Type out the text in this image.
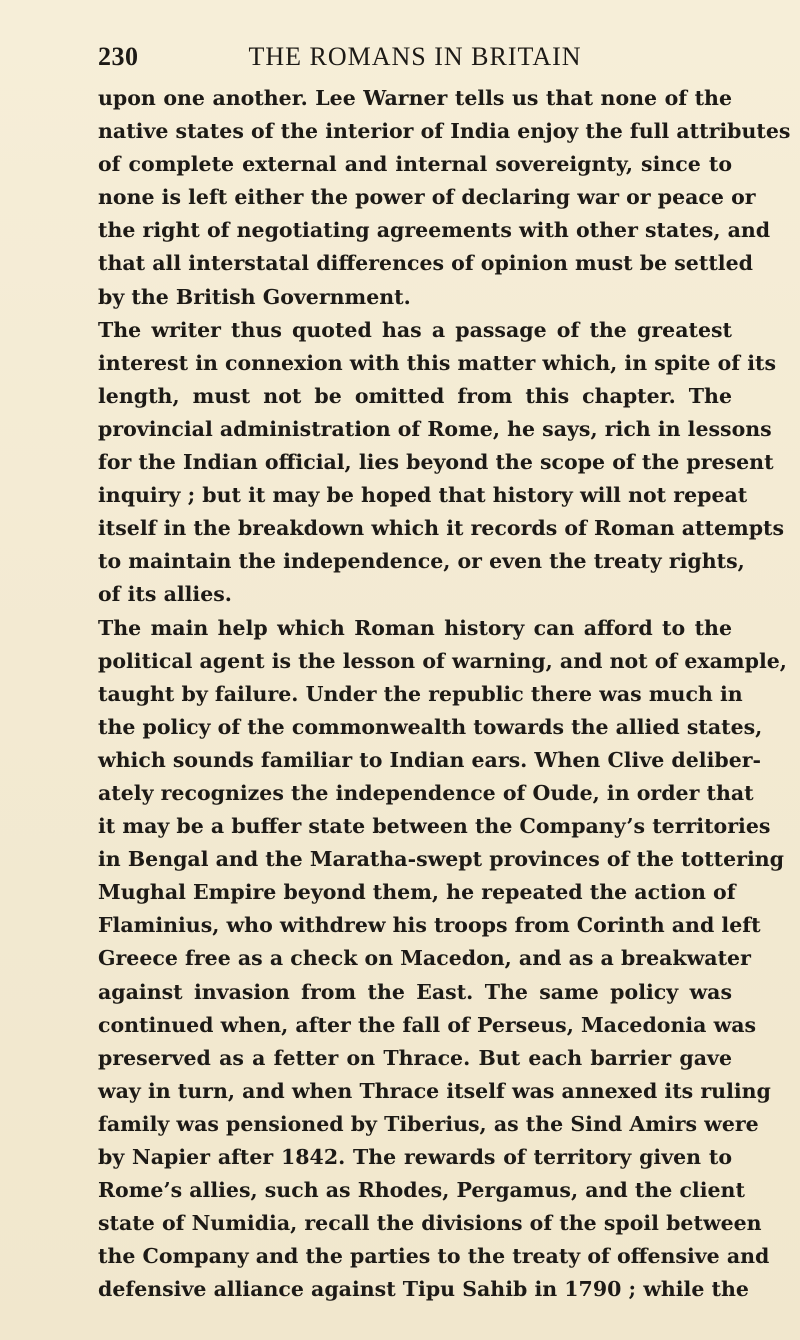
230	THE ROMANS IN BRITAIN
upon one another. Lee Warner tells us that none of the
native states of the interior of India enjoy the full attributes
of complete external and internal sovereignty, since to
none is left either the power of declaring war or peace or
the right of negotiating agreements with other states, and
that all interstatal differences of opinion must be settled
by the British Government.
The writer thus quoted has a passage of the greatest
interest in connexion with this matter which, in spite of its
length, must not be omitted from this chapter. The
provincial administration of Rome, he says, rich in lessons
for the Indian official, lies beyond the scope of the present
inquiry ; but it may be hoped that history will not repeat
itself in the breakdown which it records of Roman attempts
to maintain the independence, or even the treaty rights,
of its allies.
The main help which Roman history can afford to the
political agent is the lesson of warning, and not of example,
taught by failure. Under the republic there was much in
the policy of the commonwealth towards the allied states,
which sounds familiar to Indian ears. When Clive deliber-
ately recognizes the independence of Oude, in order that
it may be a buffer state between the Company’s territories
in Bengal and the Maratha-swept provinces of the tottering
Mughal Empire beyond them, he repeated the action of
Flaminius, who withdrew his troops from Corinth and left
Greece free as a check on Macedon, and as a breakwater
against invasion from the East. The same policy was
continued when, after the fall of Perseus, Macedonia was
preserved as a fetter on Thrace. But each barrier gave
way in turn, and when Thrace itself was annexed its ruling
family was pensioned by Tiberius, as the Sind Amirs were
by Napier after 1842. The rewards of territory given to
Rome’s allies, such as Rhodes, Pergamus, and the client
state of Numidia, recall the divisions of the spoil between
the Company and the parties to the treaty of offensive and
defensive alliance against Tipu Sahib in 1790 ; while the
